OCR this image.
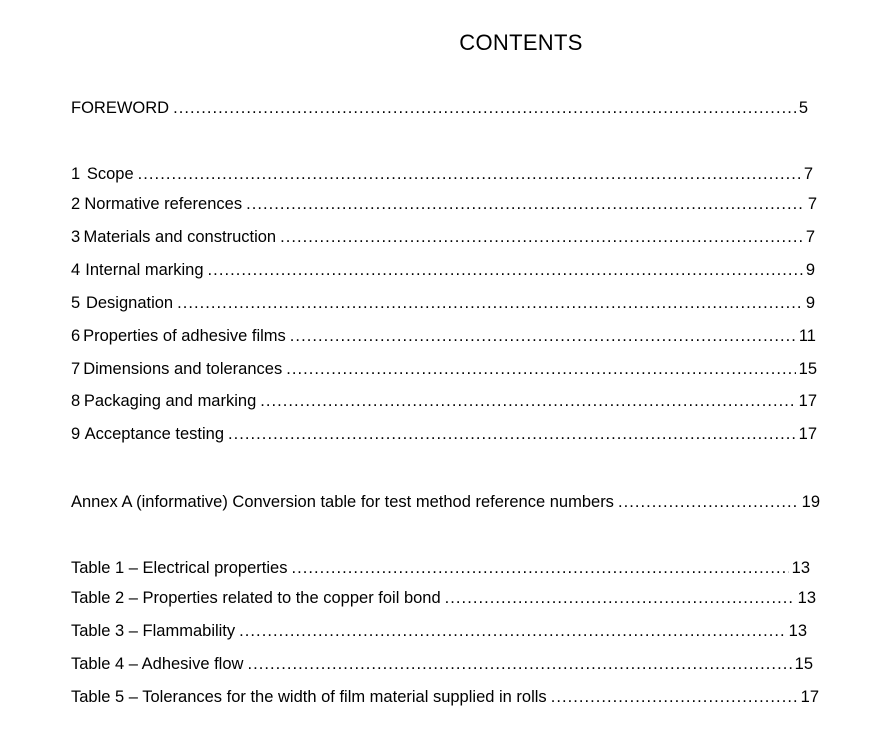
CONTENTS
FOREWORD .....	5
1 Scope .....	7
2 Normative references .....	7
3 Materials and construction .....	7
4 Internal marking .....	9
5 Designation .....	9
6 Properties of adhesive films .....	11
7 Dimensions and tolerances .....	15
8 Packaging and marking .....	17
9 Acceptance testing .....	17
Annex A (informative) Conversion table for test method reference numbers .....	19
Table 1 – Electrical properties .....	13
Table 2 – Properties related to the copper foil bond .....	13
Table 3 – Flammability .....	13
Table 4 – Adhesive flow .....	15
Table 5 – Tolerances for the width of film material supplied in rolls .....	17
